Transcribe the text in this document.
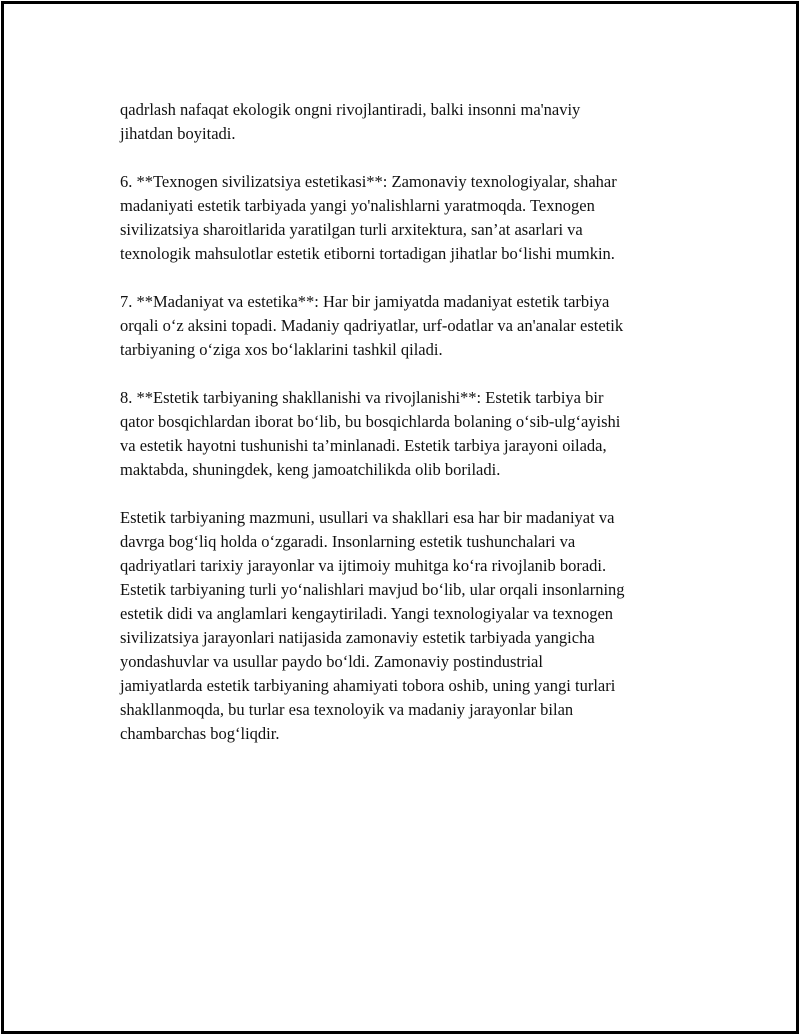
qadrlash nafaqat ekologik ongni rivojlantiradi, balki insonni ma'naviy
jihatdan boyitadi.

6. **Texnogen sivilizatsiya estetikasi**: Zamonaviy texnologiyalar, shahar
madaniyati estetik tarbiyada yangi yo'nalishlarni yaratmoqda. Texnogen
sivilizatsiya sharoitlarida yaratilgan turli arxitektura, san’at asarlari va
texnologik mahsulotlar estetik etiborni tortadigan jihatlar bo‘lishi mumkin.

7. **Madaniyat va estetika**: Har bir jamiyatda madaniyat estetik tarbiya
orqali o‘z aksini topadi. Madaniy qadriyatlar, urf-odatlar va an'analar estetik
tarbiyaning o‘ziga xos bo‘laklarini tashkil qiladi.

8. **Estetik tarbiyaning shakllanishi va rivojlanishi**: Estetik tarbiya bir
qator bosqichlardan iborat bo‘lib, bu bosqichlarda bolaning o‘sib-ulg‘ayishi
va estetik hayotni tushunishi ta’minlanadi. Estetik tarbiya jarayoni oilada,
maktabda, shuningdek, keng jamoatchilikda olib boriladi.

Estetik tarbiyaning mazmuni, usullari va shakllari esa har bir madaniyat va
davrga bog‘liq holda o‘zgaradi. Insonlarning estetik tushunchalari va
qadriyatlari tarixiy jarayonlar va ijtimoiy muhitga ko‘ra rivojlanib boradi.
Estetik tarbiyaning turli yo‘nalishlari mavjud bo‘lib, ular orqali insonlarning
estetik didi va anglamlari kengaytiriladi. Yangi texnologiyalar va texnogen
sivilizatsiya jarayonlari natijasida zamonaviy estetik tarbiyada yangicha
yondashuvlar va usullar paydo bo‘ldi. Zamonaviy postindustrial
jamiyatlarda estetik tarbiyaning ahamiyati tobora oshib, uning yangi turlari
shakllanmoqda, bu turlar esa texnoloyik va madaniy jarayonlar bilan
chambarchas bog‘liqdir.
